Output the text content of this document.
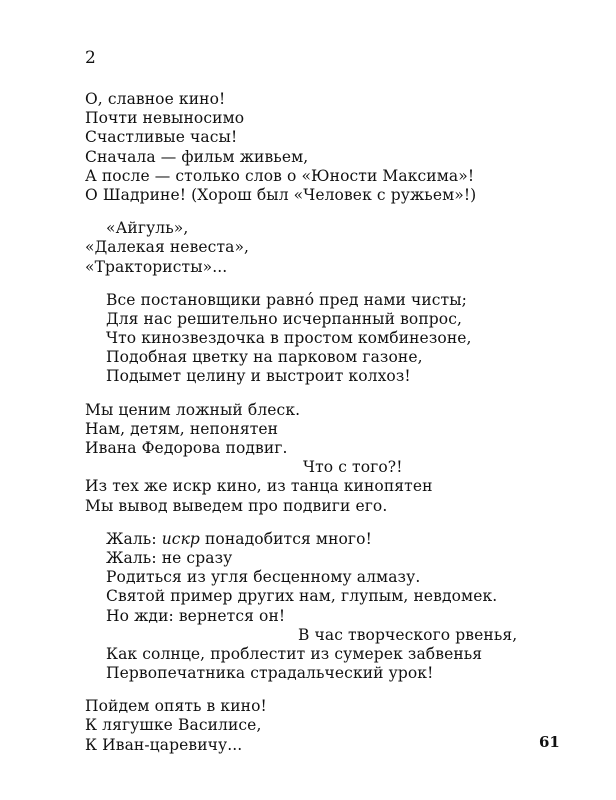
2
О, славное кино!
Почти невыносимо
Счастливые часы!
Сначала — фильм живьем,
А после — столько слов о «Юности Максима»!
О Шадрине! (Хорош был «Человек с ружьем»!)
«Айгуль»,
«Далекая невеста»,
«Трактористы»...
Все постановщики равно́ пред нами чисты;
Для нас решительно исчерпанный вопрос,
Что кинозвездочка в простом комбинезоне,
Подобная цветку на парковом газоне,
Подымет целину и выстроит колхоз!
Мы ценим ложный блеск.
Нам, детям, непонятен
Ивана Федорова подвиг.
Что с того?!
Из тех же искр кино, из танца кинопятен
Мы вывод выведем про подвиги его.
Жаль: искр понадобится много!
Жаль: не сразу
Родиться из угля бесценному алмазу.
Святой пример других нам, глупым, невдомек.
Но жди: вернется он!
В час творческого рвенья,
Как солнце, проблестит из сумерек забвенья
Первопечатника страдальческий урок!
Пойдем опять в кино!
К лягушке Василисе,
К Иван-царевичу...	61
